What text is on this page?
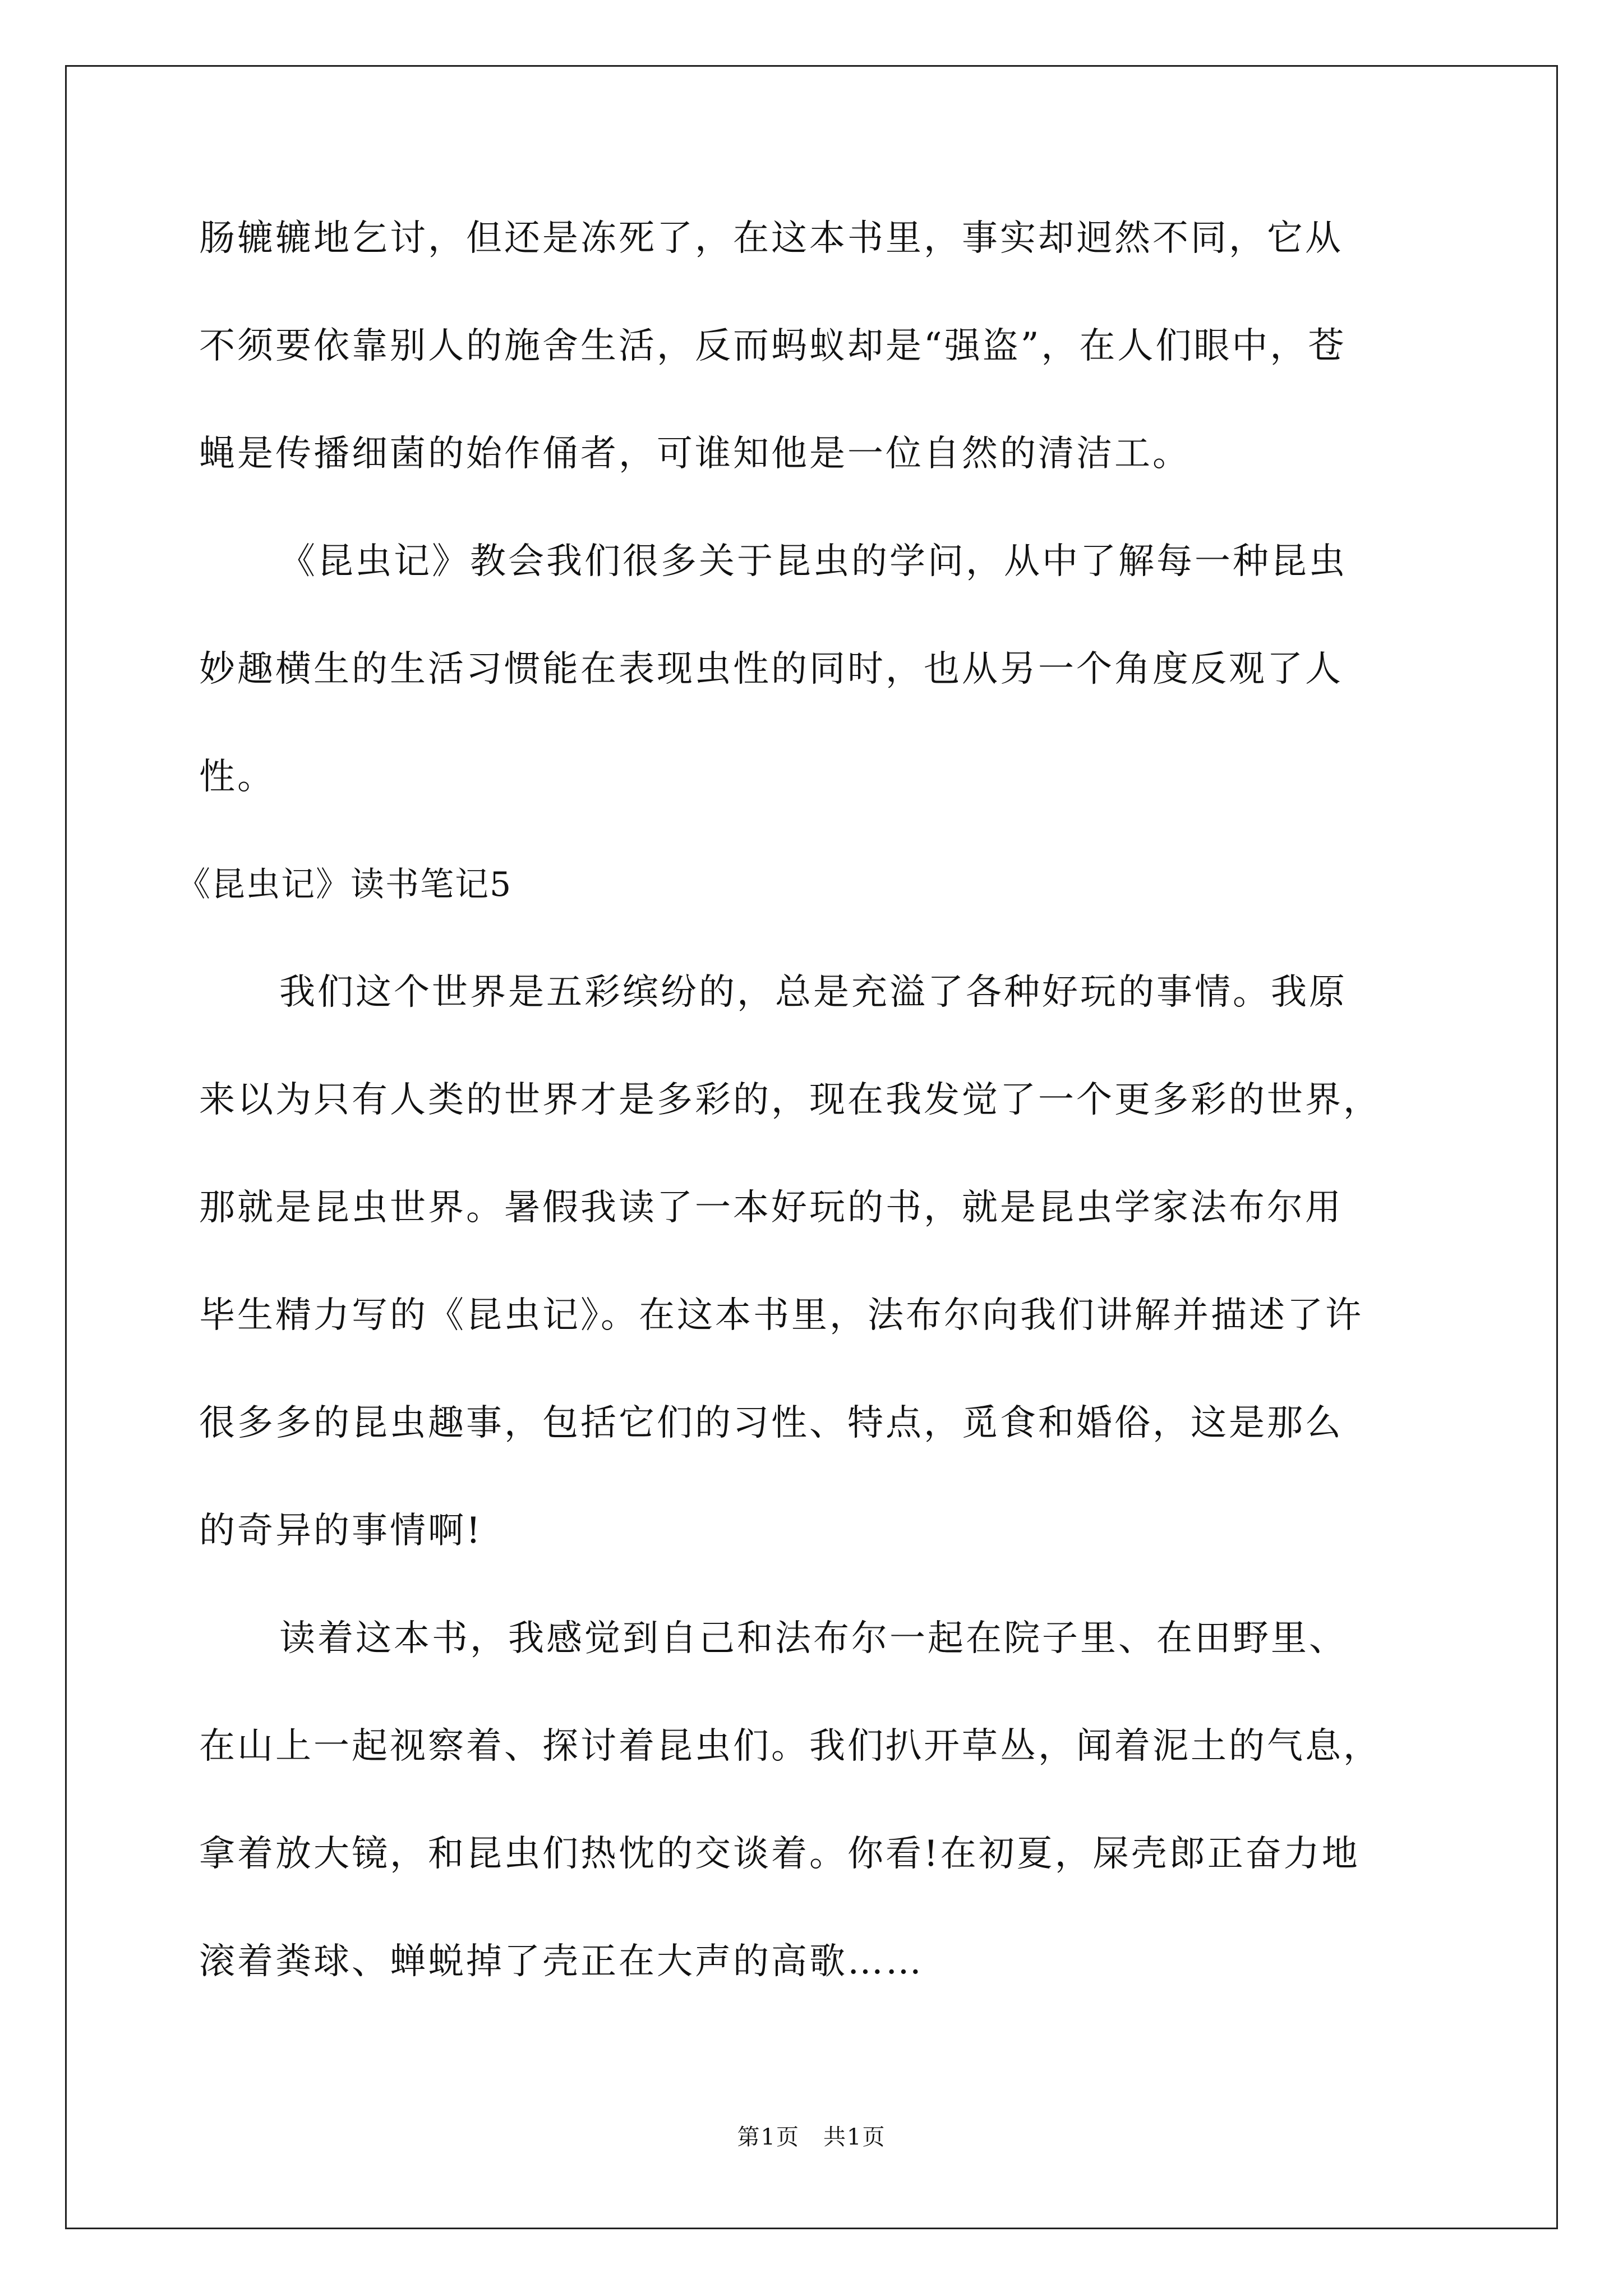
肠辘辘地乞讨，但还是冻死了，在这本书里，事实却迥然不同，它从
不须要依靠别人的施舍生活，反而蚂蚁却是“强盗”，在人们眼中，苍
蝇是传播细菌的始作俑者，可谁知他是一位自然的清洁工。
《昆虫记》教会我们很多关于昆虫的学问，从中了解每一种昆虫
妙趣横生的生活习惯能在表现虫性的同时，也从另一个角度反观了人
性。
《昆虫记》读书笔记5
我们这个世界是五彩缤纷的，总是充溢了各种好玩的事情。我原
来以为只有人类的世界才是多彩的，现在我发觉了一个更多彩的世界，
那就是昆虫世界。暑假我读了一本好玩的书，就是昆虫学家法布尔用
毕生精力写的《昆虫记》。在这本书里，法布尔向我们讲解并描述了许
很多多的昆虫趣事，包括它们的习性、特点，觅食和婚俗，这是那么
的奇异的事情啊!
读着这本书，我感觉到自己和法布尔一起在院子里、在田野里、
在山上一起视察着、探讨着昆虫们。我们扒开草丛，闻着泥土的气息，
拿着放大镜，和昆虫们热忱的交谈着。你看!在初夏，屎壳郎正奋力地
滚着粪球、蝉蜕掉了壳正在大声的高歌……
第1页　共1页
